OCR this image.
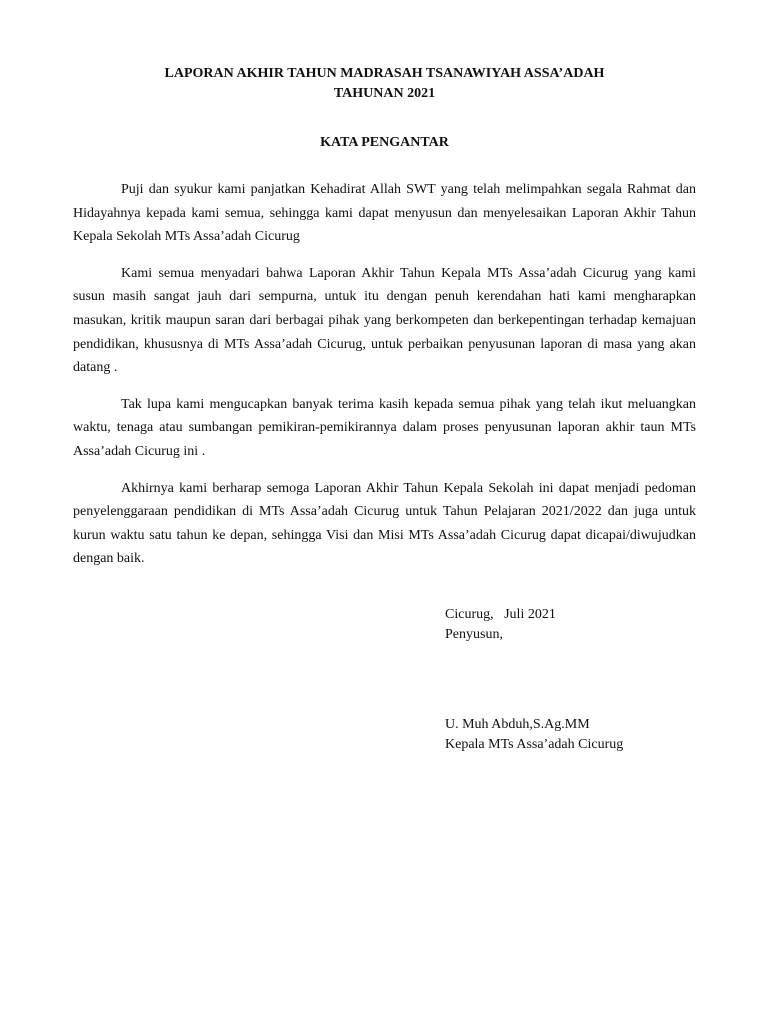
LAPORAN AKHIR TAHUN MADRASAH TSANAWIYAH ASSA’ADAH
TAHUNAN 2021

KATA PENGANTAR

Puji dan syukur kami panjatkan Kehadirat Allah SWT yang telah melimpahkan segala Rahmat dan Hidayahnya kepada kami semua, sehingga kami dapat menyusun dan menyelesaikan Laporan Akhir Tahun Kepala Sekolah MTs Assa’adah Cicurug

Kami semua menyadari bahwa Laporan Akhir Tahun Kepala MTs Assa’adah Cicurug yang kami susun masih sangat jauh dari sempurna, untuk itu dengan penuh kerendahan hati kami mengharapkan masukan, kritik maupun saran dari berbagai pihak yang berkompeten dan berkepentingan terhadap kemajuan pendidikan, khususnya di MTs Assa’adah Cicurug, untuk perbaikan penyusunan laporan di masa yang akan datang .

Tak lupa kami mengucapkan banyak terima kasih kepada semua pihak yang telah ikut meluangkan waktu, tenaga atau sumbangan pemikiran-pemikirannya dalam proses penyusunan laporan akhir taun MTs Assa’adah Cicurug ini .

Akhirnya kami berharap semoga Laporan Akhir Tahun Kepala Sekolah ini dapat menjadi pedoman penyelenggaraan pendidikan di MTs Assa’adah Cicurug untuk Tahun Pelajaran 2021/2022 dan juga untuk kurun waktu satu tahun ke depan, sehingga Visi dan Misi MTs Assa’adah Cicurug dapat dicapai/diwujudkan dengan baik.

Cicurug,   Juli 2021
Penyusun,
U. Muh Abduh,S.Ag.MM
Kepala MTs Assa’adah Cicurug
